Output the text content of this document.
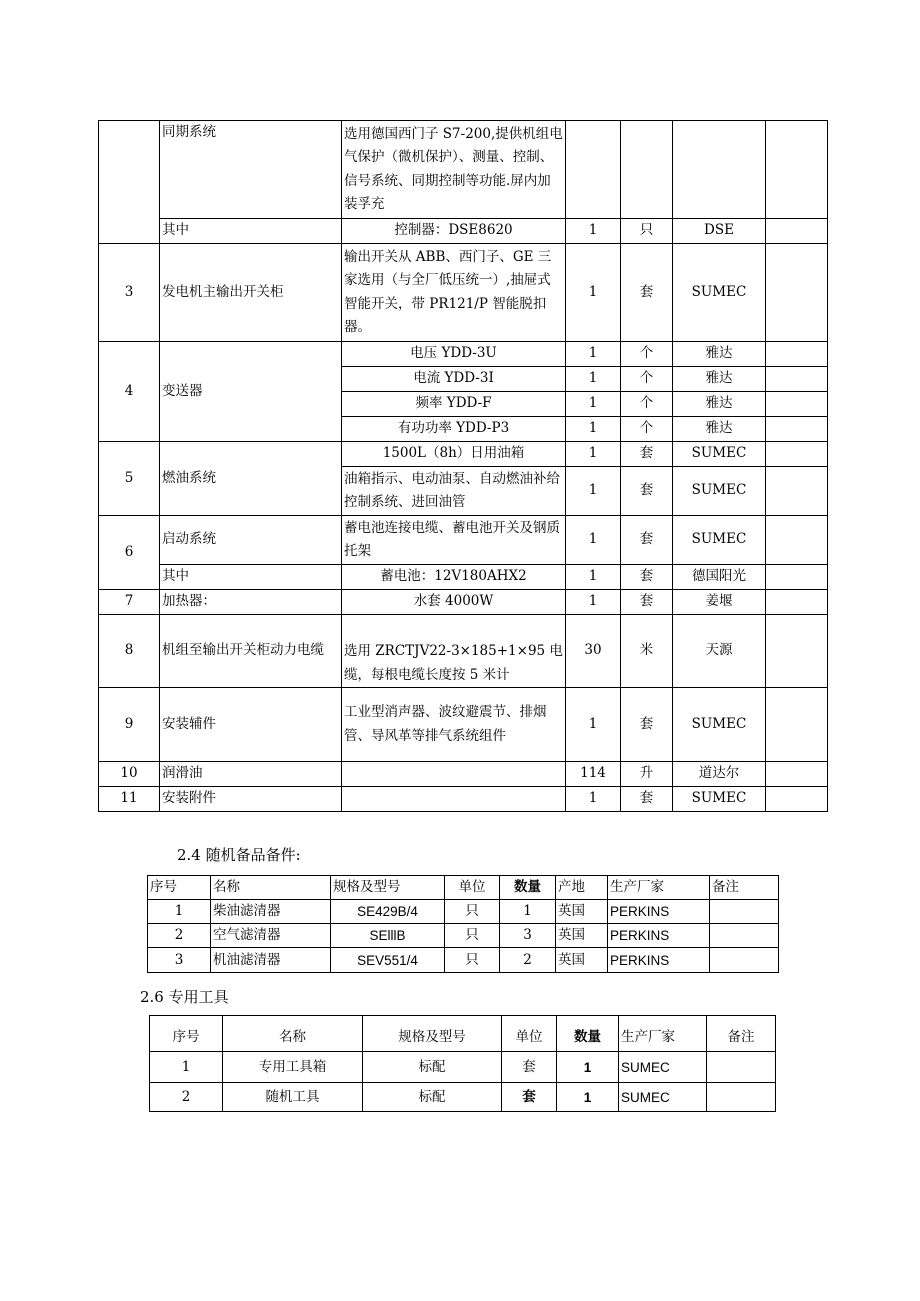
	同期系统	选用德国西门子 S7-200,提供机组电气保护（微机保护）、测量、控制、信号系统、同期控制等功能.屏内加装孚充				
	其中	控制器：DSE8620	1	只	DSE	
3	发电机主输出开关柜	输出开关从 ABB、西门子、GE 三家选用（与全厂低压统一）,抽屉式智能开关，带 PR121/P 智能脱扣器。	1	套	SUMEC	
4	变送器	电压 YDD-3U	1	个	雅达	
		电流 YDD-3I	1	个	雅达	
		频率 YDD-F	1	个	雅达	
		有功功率 YDD-P3	1	个	雅达	
5	燃油系统	1500L（8h）日用油箱	1	套	SUMEC	
		油箱指示、电动油泵、自动燃油补给控制系统、进回油管	1	套	SUMEC	
6	启动系统	蓄电池连接电缆、蓄电池开关及钢质托架	1	套	SUMEC	
	其中	蓄电池：12V180AHX2	1	套	德国阳光	
7	加热器：	水套 4000W	1	套	姜堰	
8	机组至输出开关柜动力电缆	选用 ZRCTJV22-3×185+1×95 电缆，每根电缆长度按 5 米计	30	米	天源	
9	安装辅件	工业型消声器、波纹避震节、排烟管、导风革等排气系统组件	1	套	SUMEC	
10	润滑油		114	升	道达尔	
11	安装附件		1	套	SUMEC	
2.4 随机备品备件:
序号	名称	规格及型号	单位	数量	产地	生产厂家	备注
1	柴油滤清器	SE429B/4	只	1	英国	PERKINS	
2	空气滤清器	SElllB	只	3	英国	PERKINS	
3	机油滤清器	SEV551/4	只	2	英国	PERKINS	
2.6 专用工具
序号	名称	规格及型号	单位	数量	生产厂家	备注
1	专用工具箱	标配	套	1	SUMEC	
2	随机工具	标配	套	1	SUMEC	
